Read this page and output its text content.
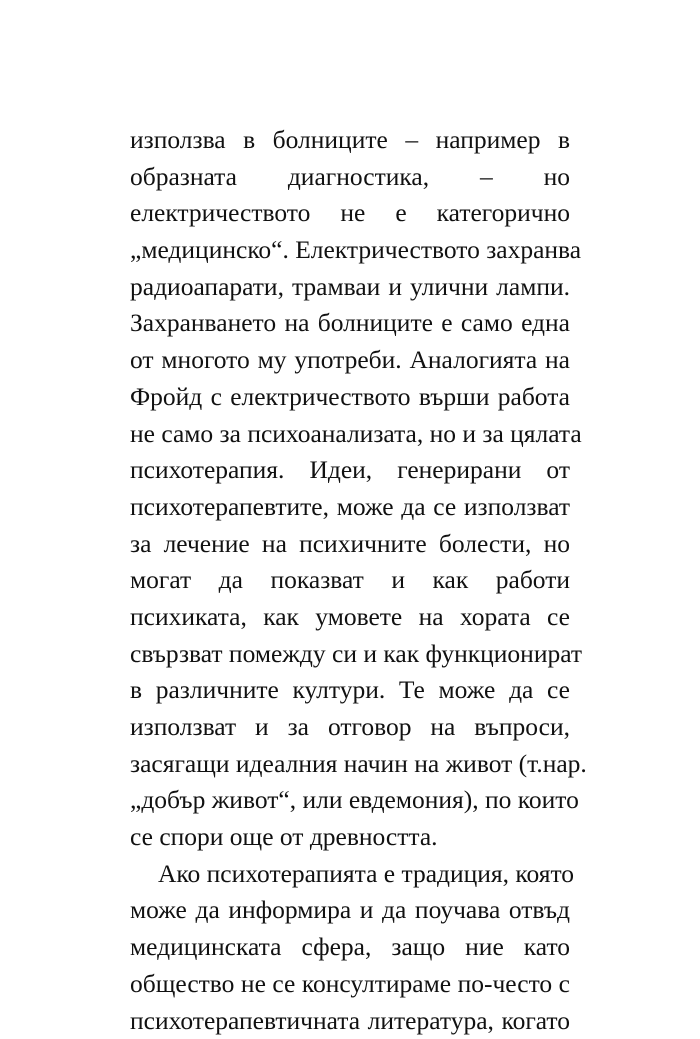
използва в болниците – например в
образната диагностика, – но
електричеството не е категорично
„медицинско“. Електричеството захранва
радиоапарати, трамваи и улични лампи.
Захранването на болниците е само една
от многото му употреби. Аналогията на
Фройд с електричеството върши работа
не само за психоанализата, но и за цялата
психотерапия. Идеи, генерирани от
психотерапевтите, може да се използват
за лечение на психичните болести, но
могат да показват и как работи
психиката, как умовете на хората се
свързват помежду си и как функционират
в различните култури. Те може да се
използват и за отговор на въпроси,
засягащи идеалния начин на живот (т.нар.
„добър живот“, или евдемония), по които
се спори още от древността.
Ако психотерапията е традиция, която
може да информира и да поучава отвъд
медицинската сфера, защо ние като
общество не се консултираме по-често с
психотерапевтичната литература, когато
